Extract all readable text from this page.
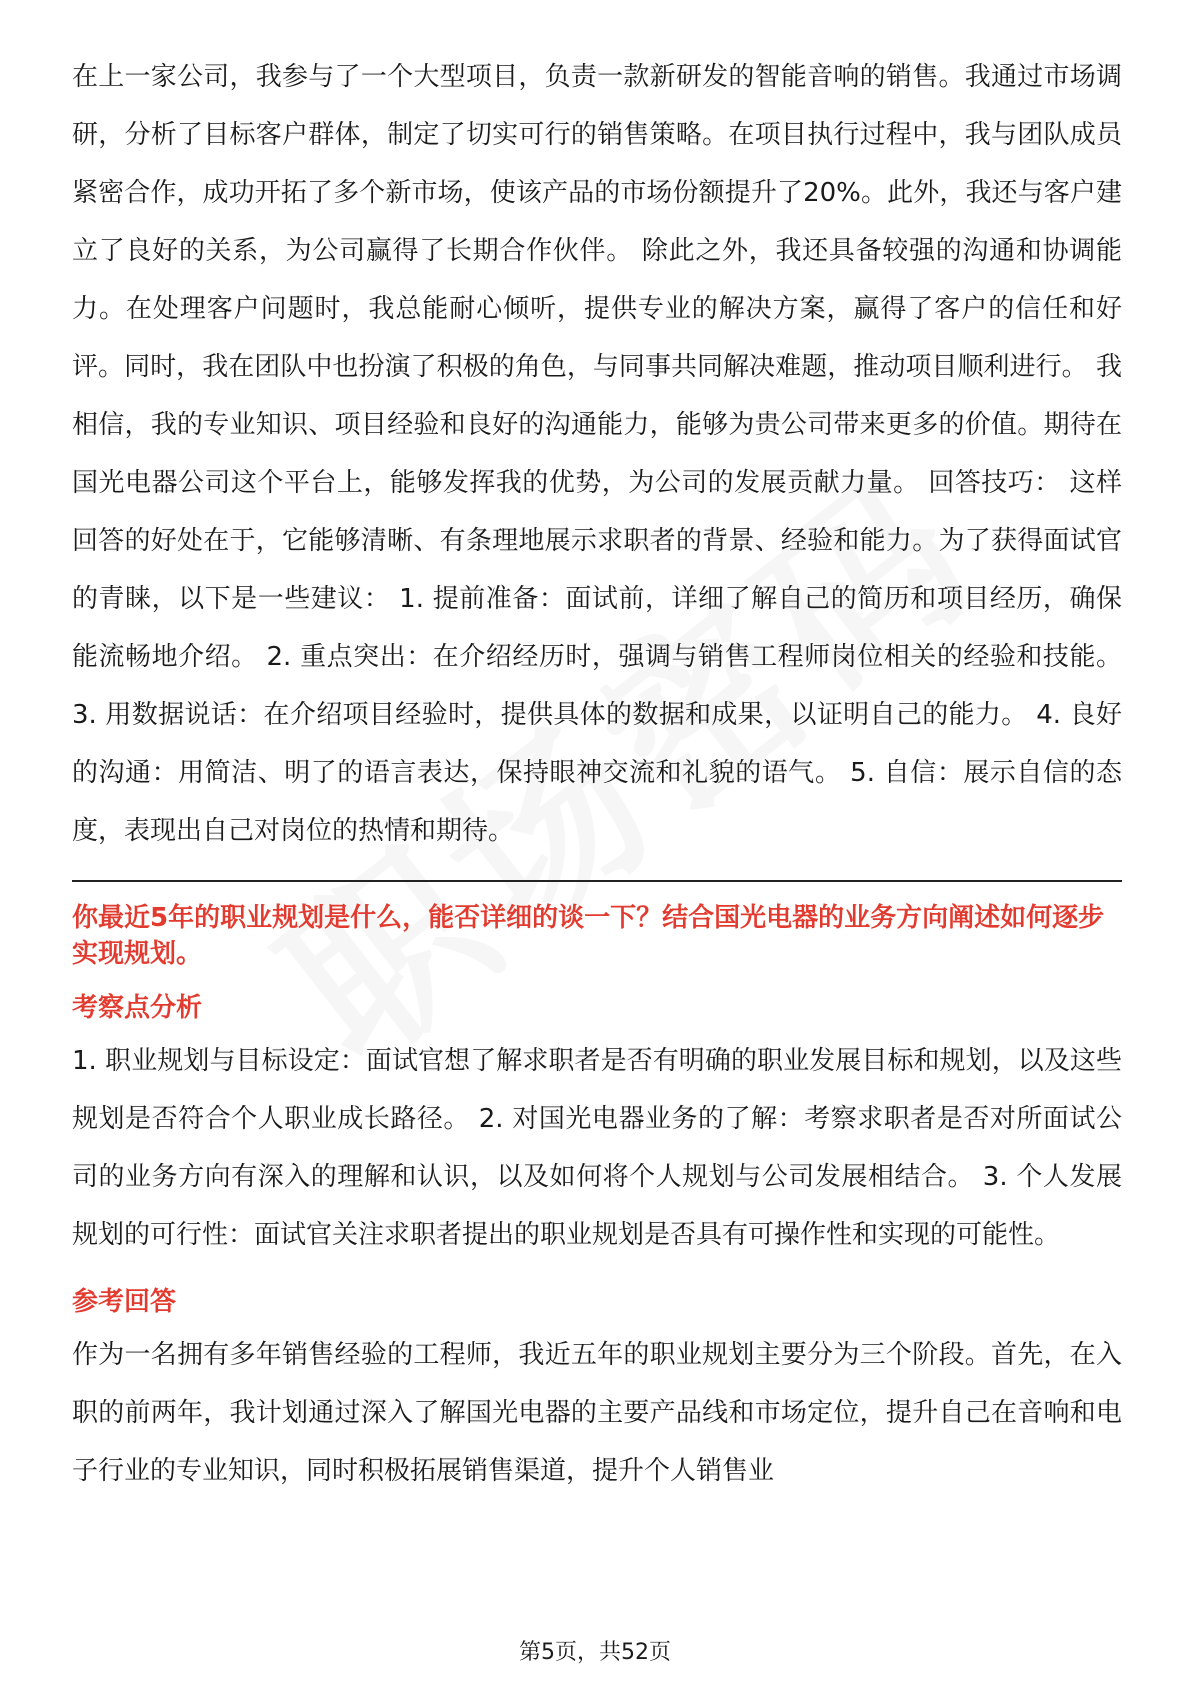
在上一家公司，我参与了一个大型项目，负责一款新研发的智能音响的销售。我通过市场调研，分析了目标客户群体，制定了切实可行的销售策略。在项目执行过程中，我与团队成员紧密合作，成功开拓了多个新市场，使该产品的市场份额提升了20%。此外，我还与客户建立了良好的关系，为公司赢得了长期合作伙伴。 除此之外，我还具备较强的沟通和协调能力。在处理客户问题时，我总能耐心倾听，提供专业的解决方案，赢得了客户的信任和好评。同时，我在团队中也扮演了积极的角色，与同事共同解决难题，推动项目顺利进行。 我相信，我的专业知识、项目经验和良好的沟通能力，能够为贵公司带来更多的价值。期待在国光电器公司这个平台上，能够发挥我的优势，为公司的发展贡献力量。 回答技巧： 这样回答的好处在于，它能够清晰、有条理地展示求职者的背景、经验和能力。为了获得面试官的青睐，以下是一些建议： 1. 提前准备：面试前，详细了解自己的简历和项目经历，确保能流畅地介绍。 2. 重点突出：在介绍经历时，强调与销售工程师岗位相关的经验和技能。 3. 用数据说话：在介绍项目经验时，提供具体的数据和成果，以证明自己的能力。 4. 良好的沟通：用简洁、明了的语言表达，保持眼神交流和礼貌的语气。 5. 自信：展示自信的态度，表现出自己对岗位的热情和期待。

你最近5年的职业规划是什么，能否详细的谈一下？结合国光电器的业务方向阐述如何逐步实现规划。

考察点分析

1. 职业规划与目标设定：面试官想了解求职者是否有明确的职业发展目标和规划，以及这些规划是否符合个人职业成长路径。 2. 对国光电器业务的了解：考察求职者是否对所面试公司的业务方向有深入的理解和认识，以及如何将个人规划与公司发展相结合。 3. 个人发展规划的可行性：面试官关注求职者提出的职业规划是否具有可操作性和实现的可能性。

参考回答

作为一名拥有多年销售经验的工程师，我近五年的职业规划主要分为三个阶段。首先，在入职的前两年，我计划通过深入了解国光电器的主要产品线和市场定位，提升自己在音响和电子行业的专业知识，同时积极拓展销售渠道，提升个人销售业

第5页，共52页
